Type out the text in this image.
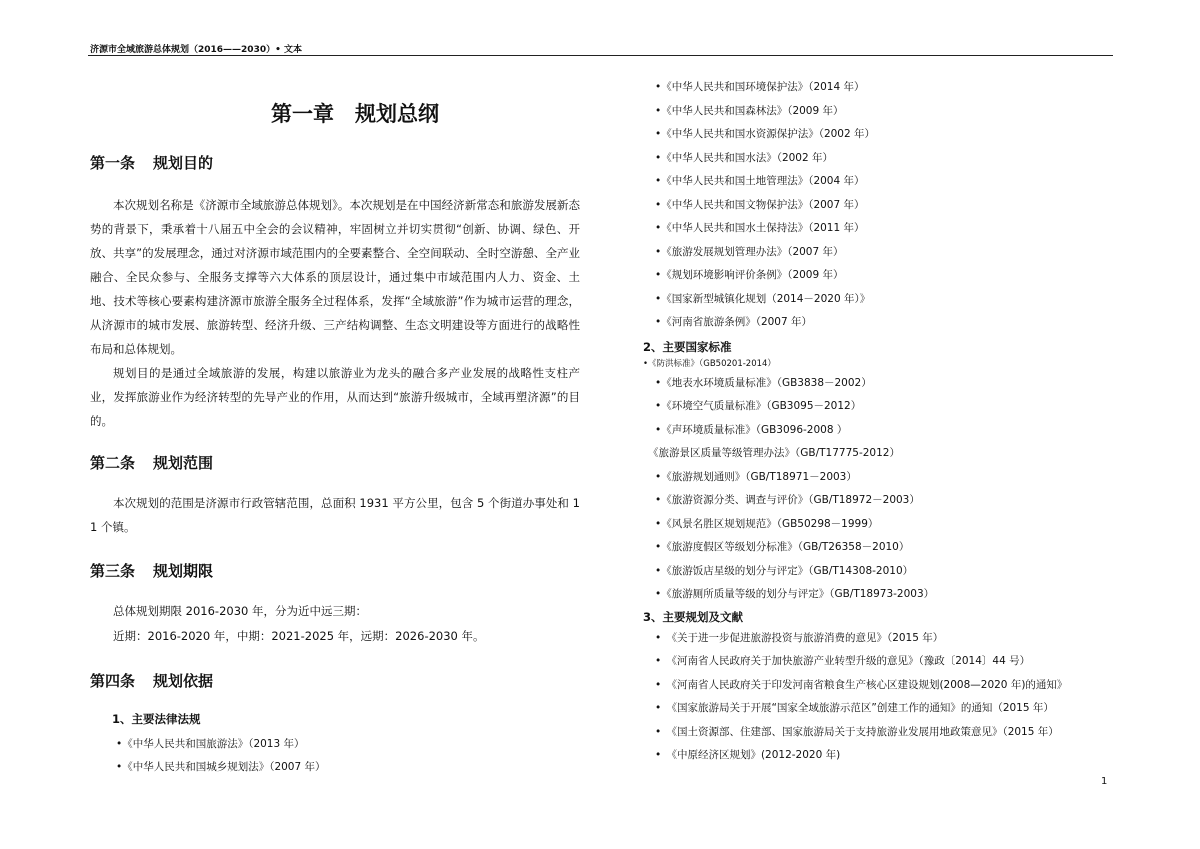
济源市全域旅游总体规划（2016——2030）• 文本
第一章　规划总纲
第一条 规划目的

本次规划名称是《济源市全域旅游总体规划》。本次规划是在中国经济新常态和旅游发展新态势的背景下，秉承着十八届五中全会的会议精神，牢固树立并切实贯彻“创新、协调、绿色、开放、共享”的发展理念，通过对济源市域范围内的全要素整合、全空间联动、全时空游憩、全产业融合、全民众参与、全服务支撑等六大体系的顶层设计，通过集中市域范围内人力、资金、土地、技术等核心要素构建济源市旅游全服务全过程体系，发挥“全域旅游”作为城市运营的理念，从济源市的城市发展、旅游转型、经济升级、三产结构调整、生态文明建设等方面进行的战略性布局和总体规划。

规划目的是通过全域旅游的发展，构建以旅游业为龙头的融合多产业发展的战略性支柱产业，发挥旅游业作为经济转型的先导产业的作用，从而达到“旅游升级城市，全域再塑济源”的目的。

第二条 规划范围

本次规划的范围是济源市行政管辖范围，总面积 1931 平方公里，包含 5 个街道办事处和 1 1 个镇。

第三条 规划期限

总体规划期限 2016-2030 年，分为近中远三期：

近期：2016-2020 年，中期：2021-2025 年，远期：2026-2030 年。

第四条 规划依据
1、主要法律法规
•《中华人民共和国旅游法》（2013 年）
•《中华人民共和国城乡规划法》（2007 年）
•《中华人民共和国环境保护法》（2014 年）
•《中华人民共和国森林法》（2009 年）
•《中华人民共和国水资源保护法》（2002 年）
•《中华人民共和国水法》（2002 年）
•《中华人民共和国土地管理法》（2004 年）
•《中华人民共和国文物保护法》（2007 年）
•《中华人民共和国水土保持法》（2011 年）
•《旅游发展规划管理办法》（2007 年）
•《规划环境影响评价条例》（2009 年）
•《国家新型城镇化规划（2014－2020 年）》
•《河南省旅游条例》（2007 年）
2、主要国家标准
•《防洪标准》（GB50201-2014）
•《地表水环境质量标准》（GB3838－2002）
•《环境空气质量标准》（GB3095－2012）
•《声环境质量标准》（GB3096-2008 ）
《旅游景区质量等级管理办法》（GB/T17775-2012）
•《旅游规划通则》（GB/T18971－2003）
•《旅游资源分类、调查与评价》（GB/T18972－2003）
•《风景名胜区规划规范》（GB50298－1999）
•《旅游度假区等级划分标准》（GB/T26358－2010）
•《旅游饭店星级的划分与评定》（GB/T14308-2010）
•《旅游厕所质量等级的划分与评定》（GB/T18973-2003）
3、主要规划及文献
•　《关于进一步促进旅游投资与旅游消费的意见》（2015 年）
•　《河南省人民政府关于加快旅游产业转型升级的意见》（豫政〔2014〕44 号）
•　《河南省人民政府关于印发河南省粮食生产核心区建设规划(2008—2020 年)的通知》
•　《国家旅游局关于开展“国家全域旅游示范区”创建工作的通知》的通知（2015 年）
•　《国土资源部、住建部、国家旅游局关于支持旅游业发展用地政策意见》（2015 年）
•　《中原经济区规划》(2012-2020 年)
1
